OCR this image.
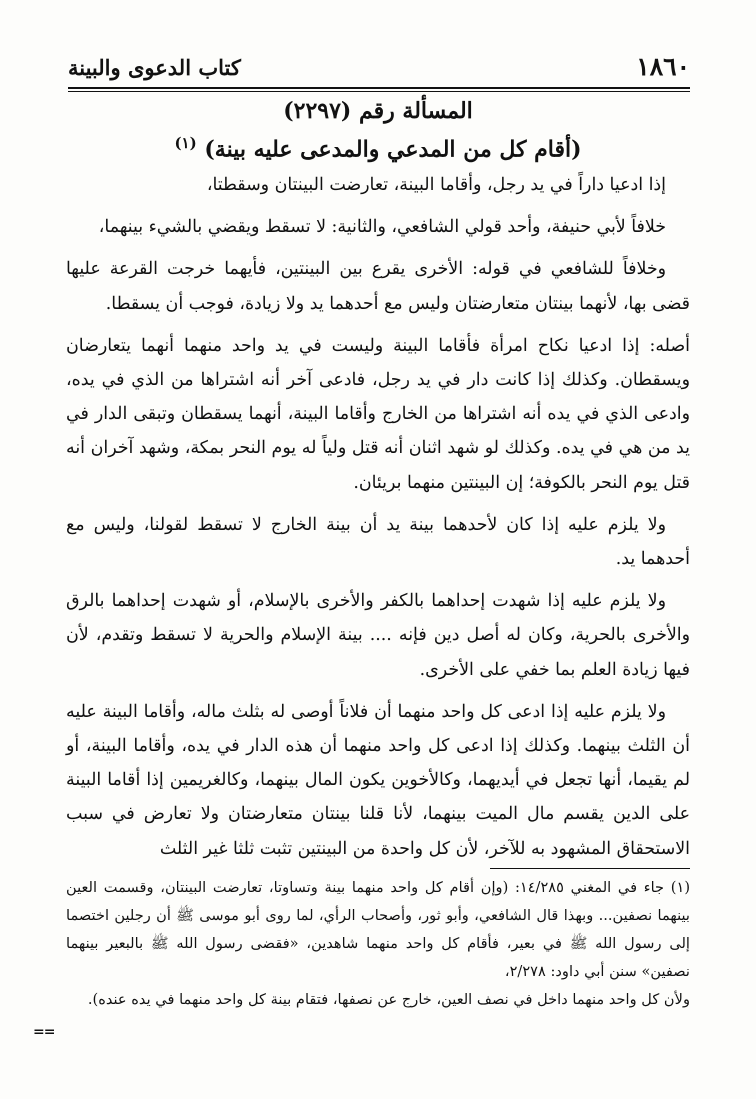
١٨٦٠
كتاب الدعوى والبينة
المسألة رقم (٢٢٩٧)
(أقام كل من المدعي والمدعى عليه بينة) $^{(١)}$

إذا ادعيا داراً في يد رجل، وأقاما البينة، تعارضت البينتان وسقطتا،

خلافاً لأبي حنيفة، وأحد قولي الشافعي، والثانية: لا تسقط ويقضي بالشيء بينهما،

وخلافاً للشافعي في قوله: الأخرى يقرع بين البينتين، فأيهما خرجت القرعة عليها قضى بها، لأنهما بينتان متعارضتان وليس مع أحدهما يد ولا زيادة، فوجب أن يسقطا.

أصله: إذا ادعيا نكاح امرأة فأقاما البينة وليست في يد واحد منهما أنهما يتعارضان ويسقطان. وكذلك إذا كانت دار في يد رجل، فادعى آخر أنه اشتراها من الذي في يده، وادعى الذي في يده أنه اشتراها من الخارج وأقاما البينة، أنهما يسقطان وتبقى الدار في يد من هي في يده. وكذلك لو شهد اثنان أنه قتل ولياً له يوم النحر بمكة، وشهد آخران أنه قتل يوم النحر بالكوفة؛ إن البينتين منهما بريئان.

ولا يلزم عليه إذا كان لأحدهما بينة يد أن بينة الخارج لا تسقط لقولنا، وليس مع أحدهما يد.

ولا يلزم عليه إذا شهدت إحداهما بالكفر والأخرى بالإسلام، أو شهدت إحداهما بالرق والأخرى بالحرية، وكان له أصل دين فإنه .... بينة الإسلام والحرية لا تسقط وتقدم، لأن فيها زيادة العلم بما خفي على الأخرى.

ولا يلزم عليه إذا ادعى كل واحد منهما أن فلاناً أوصى له بثلث ماله، وأقاما البينة عليه أن الثلث بينهما. وكذلك إذا ادعى كل واحد منهما أن هذه الدار في يده، وأقاما البينة، أو لم يقيما، أنها تجعل في أيديهما، وكالأخوين يكون المال بينهما، وكالغريمين إذا أقاما البينة على الدين يقسم مال الميت بينهما، لأنا قلنا بينتان متعارضتان ولا تعارض في سبب الاستحقاق المشهود به للآخر، لأن كل واحدة من البينتين تثبت ثلثا غير الثلث

(١) جاء في المغني ١٤/٢٨٥: (وإن أقام كل واحد منهما بينة وتساوتا، تعارضت البينتان، وقسمت العين بينهما نصفين... وبهذا قال الشافعي، وأبو ثور، وأصحاب الرأي، لما روى أبو موسى ﷺ أن رجلين اختصما إلى رسول الله ﷺ في بعير، فأقام كل واحد منهما شاهدين، «فقضى رسول الله ﷺ بالبعير بينهما نصفين» سنن أبي داود: ٢/٢٧٨،

ولأن كل واحد منهما داخل في نصف العين، خارج عن نصفها، فتقام بينة كل واحد منهما في يده عنده).

==
